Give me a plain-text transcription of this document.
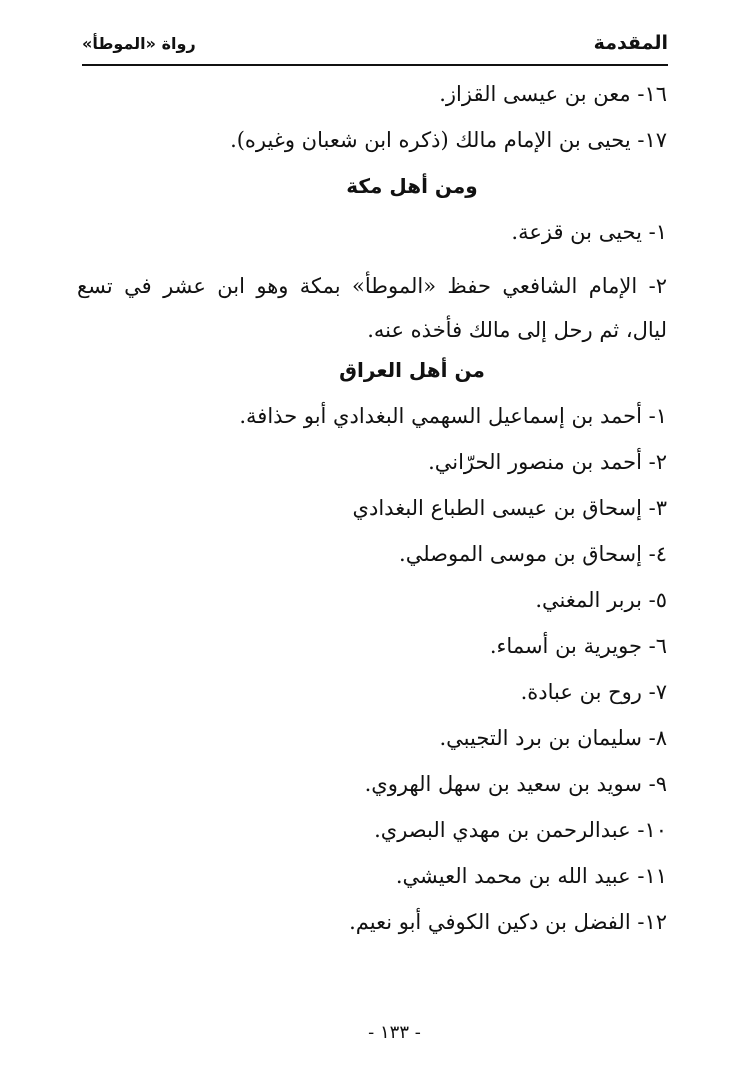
المقدمة
رواة «الموطأ»
١٦- معن بن عيسى القزاز.
١٧- يحيى بن الإمام مالك (ذكره ابن شعبان وغيره).
ومن أهل مكة
١- يحيى بن قزعة.
٢- الإمام الشافعي حفظ «الموطأ» بمكة وهو ابن عشر في تسع ليال، ثم رحل إلى مالك فأخذه عنه.
من أهل العراق
١- أحمد بن إسماعيل السهمي البغدادي أبو حذافة.
٢- أحمد بن منصور الحرّاني.
٣- إسحاق بن عيسى الطباع البغدادي
٤- إسحاق بن موسى الموصلي.
٥- بربر المغني.
٦- جويرية بن أسماء.
٧- روح بن عبادة.
٨- سليمان بن برد التجيبي.
٩- سويد بن سعيد بن سهل الهروي.
١٠- عبدالرحمن بن مهدي البصري.
١١- عبيد الله بن محمد العيشي.
١٢- الفضل بن دكين الكوفي أبو نعيم.
- ١٣٣ -
